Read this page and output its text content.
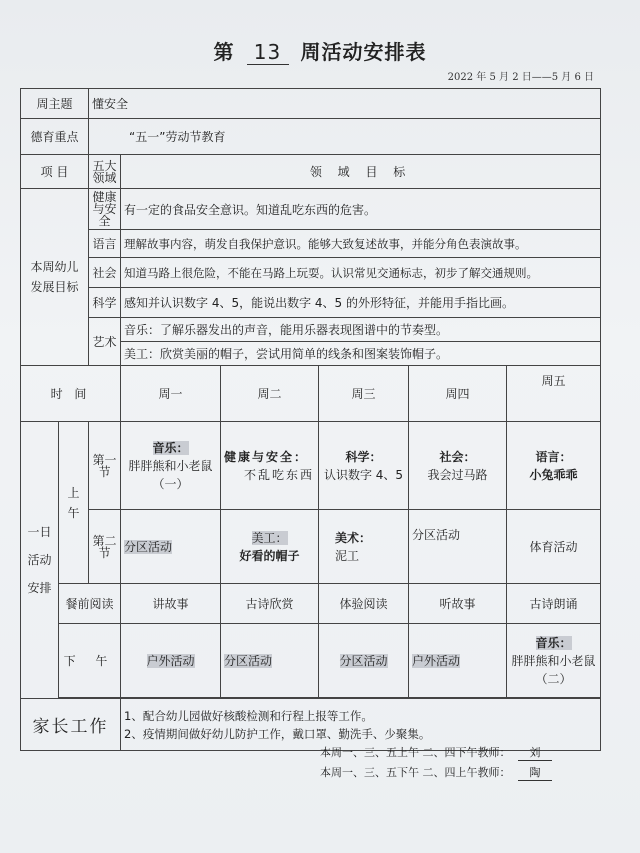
第 13 周活动安排表
2022 年 5 月 2 日——5 月 6 日
周主题		懂安全					
德育重点		“五一”劳动节教育					
项 目		五大领域	领 域 目 标				
本周幼儿发展目标		健康与安全	有一定的食品安全意识。知道乱吃东西的危害。				
		语言	理解故事内容，萌发自我保护意识。能够大致复述故事，并能分角色表演故事。				
		社会	知道马路上很危险，不能在马路上玩耍。认识常见交通标志，初步了解交通规则。				
		科学	感知并认识数字 4、5，能说出数字 4、5 的外形特征，并能用手指比画。				
		艺术	音乐：了解乐器发出的声音，能用乐器表现图谱中的节奏型。				
			美工：欣赏美丽的帽子，尝试用简单的线条和图案装饰帽子。				
时 间			周一	周二	周三	周四	周五
一日活动安排	上午	第一节	音乐：
胖胖熊和小老鼠（一）	健康与安全：
不乱吃东西	科学：
认识数字 4、5	社会：
我会过马路	语言：
小兔乖乖
		第二节	分区活动	美工：
好看的帽子	美术：
泥工	分区活动	体育活动
	餐前阅读		讲故事	古诗欣赏	体验阅读	听故事	古诗朗诵
	下 午		户外活动	分区活动	分区活动	户外活动	音乐：
胖胖熊和小老鼠（二）

家长工作			1、配合幼儿园做好核酸检测和行程上报等工作。
2、疫情期间做好幼儿防护工作，戴口罩、勤洗手、少聚集。				
本周一、三、五上午 二、四下午教师： 刘
本周一、三、五下午 二、四上午教师： 陶
